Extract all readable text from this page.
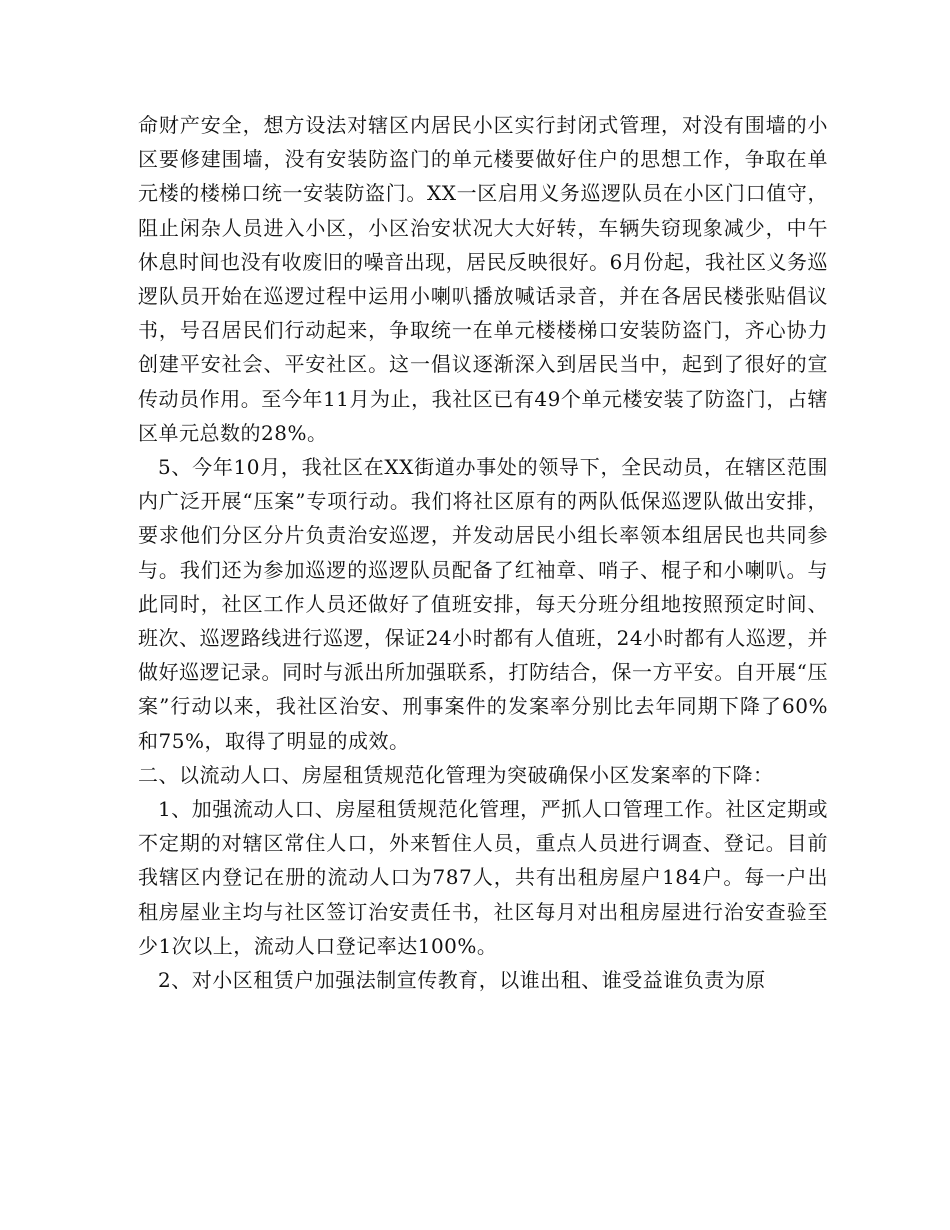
命财产安全，想方设法对辖区内居民小区实行封闭式管理，对没有围墙的小区要修建围墙，没有安装防盗门的单元楼要做好住户的思想工作，争取在单元楼的楼梯口统一安装防盗门。XX一区启用义务巡逻队员在小区门口值守，阻止闲杂人员进入小区，小区治安状况大大好转，车辆失窃现象减少，中午休息时间也没有收废旧的噪音出现，居民反映很好。6月份起，我社区义务巡逻队员开始在巡逻过程中运用小喇叭播放喊话录音，并在各居民楼张贴倡议书，号召居民们行动起来，争取统一在单元楼楼梯口安装防盗门，齐心协力创建平安社会、平安社区。这一倡议逐渐深入到居民当中，起到了很好的宣传动员作用。至今年11月为止，我社区已有49个单元楼安装了防盗门，占辖区单元总数的28%。

5、今年10月，我社区在XX街道办事处的领导下，全民动员，在辖区范围内广泛开展“压案”专项行动。我们将社区原有的两队低保巡逻队做出安排，要求他们分区分片负责治安巡逻，并发动居民小组长率领本组居民也共同参与。我们还为参加巡逻的巡逻队员配备了红袖章、哨子、棍子和小喇叭。与此同时，社区工作人员还做好了值班安排，每天分班分组地按照预定时间、班次、巡逻路线进行巡逻，保证24小时都有人值班，24小时都有人巡逻，并做好巡逻记录。同时与派出所加强联系，打防结合，保一方平安。自开展“压案”行动以来，我社区治安、刑事案件的发案率分别比去年同期下降了60%和75%，取得了明显的成效。

二、以流动人口、房屋租赁规范化管理为突破确保小区发案率的下降：

1、加强流动人口、房屋租赁规范化管理，严抓人口管理工作。社区定期或不定期的对辖区常住人口，外来暂住人员，重点人员进行调查、登记。目前我辖区内登记在册的流动人口为787人，共有出租房屋户184户。每一户出租房屋业主均与社区签订治安责任书，社区每月对出租房屋进行治安查验至少1次以上，流动人口登记率达100%。

2、对小区租赁户加强法制宣传教育，以谁出租、谁受益谁负责为原
